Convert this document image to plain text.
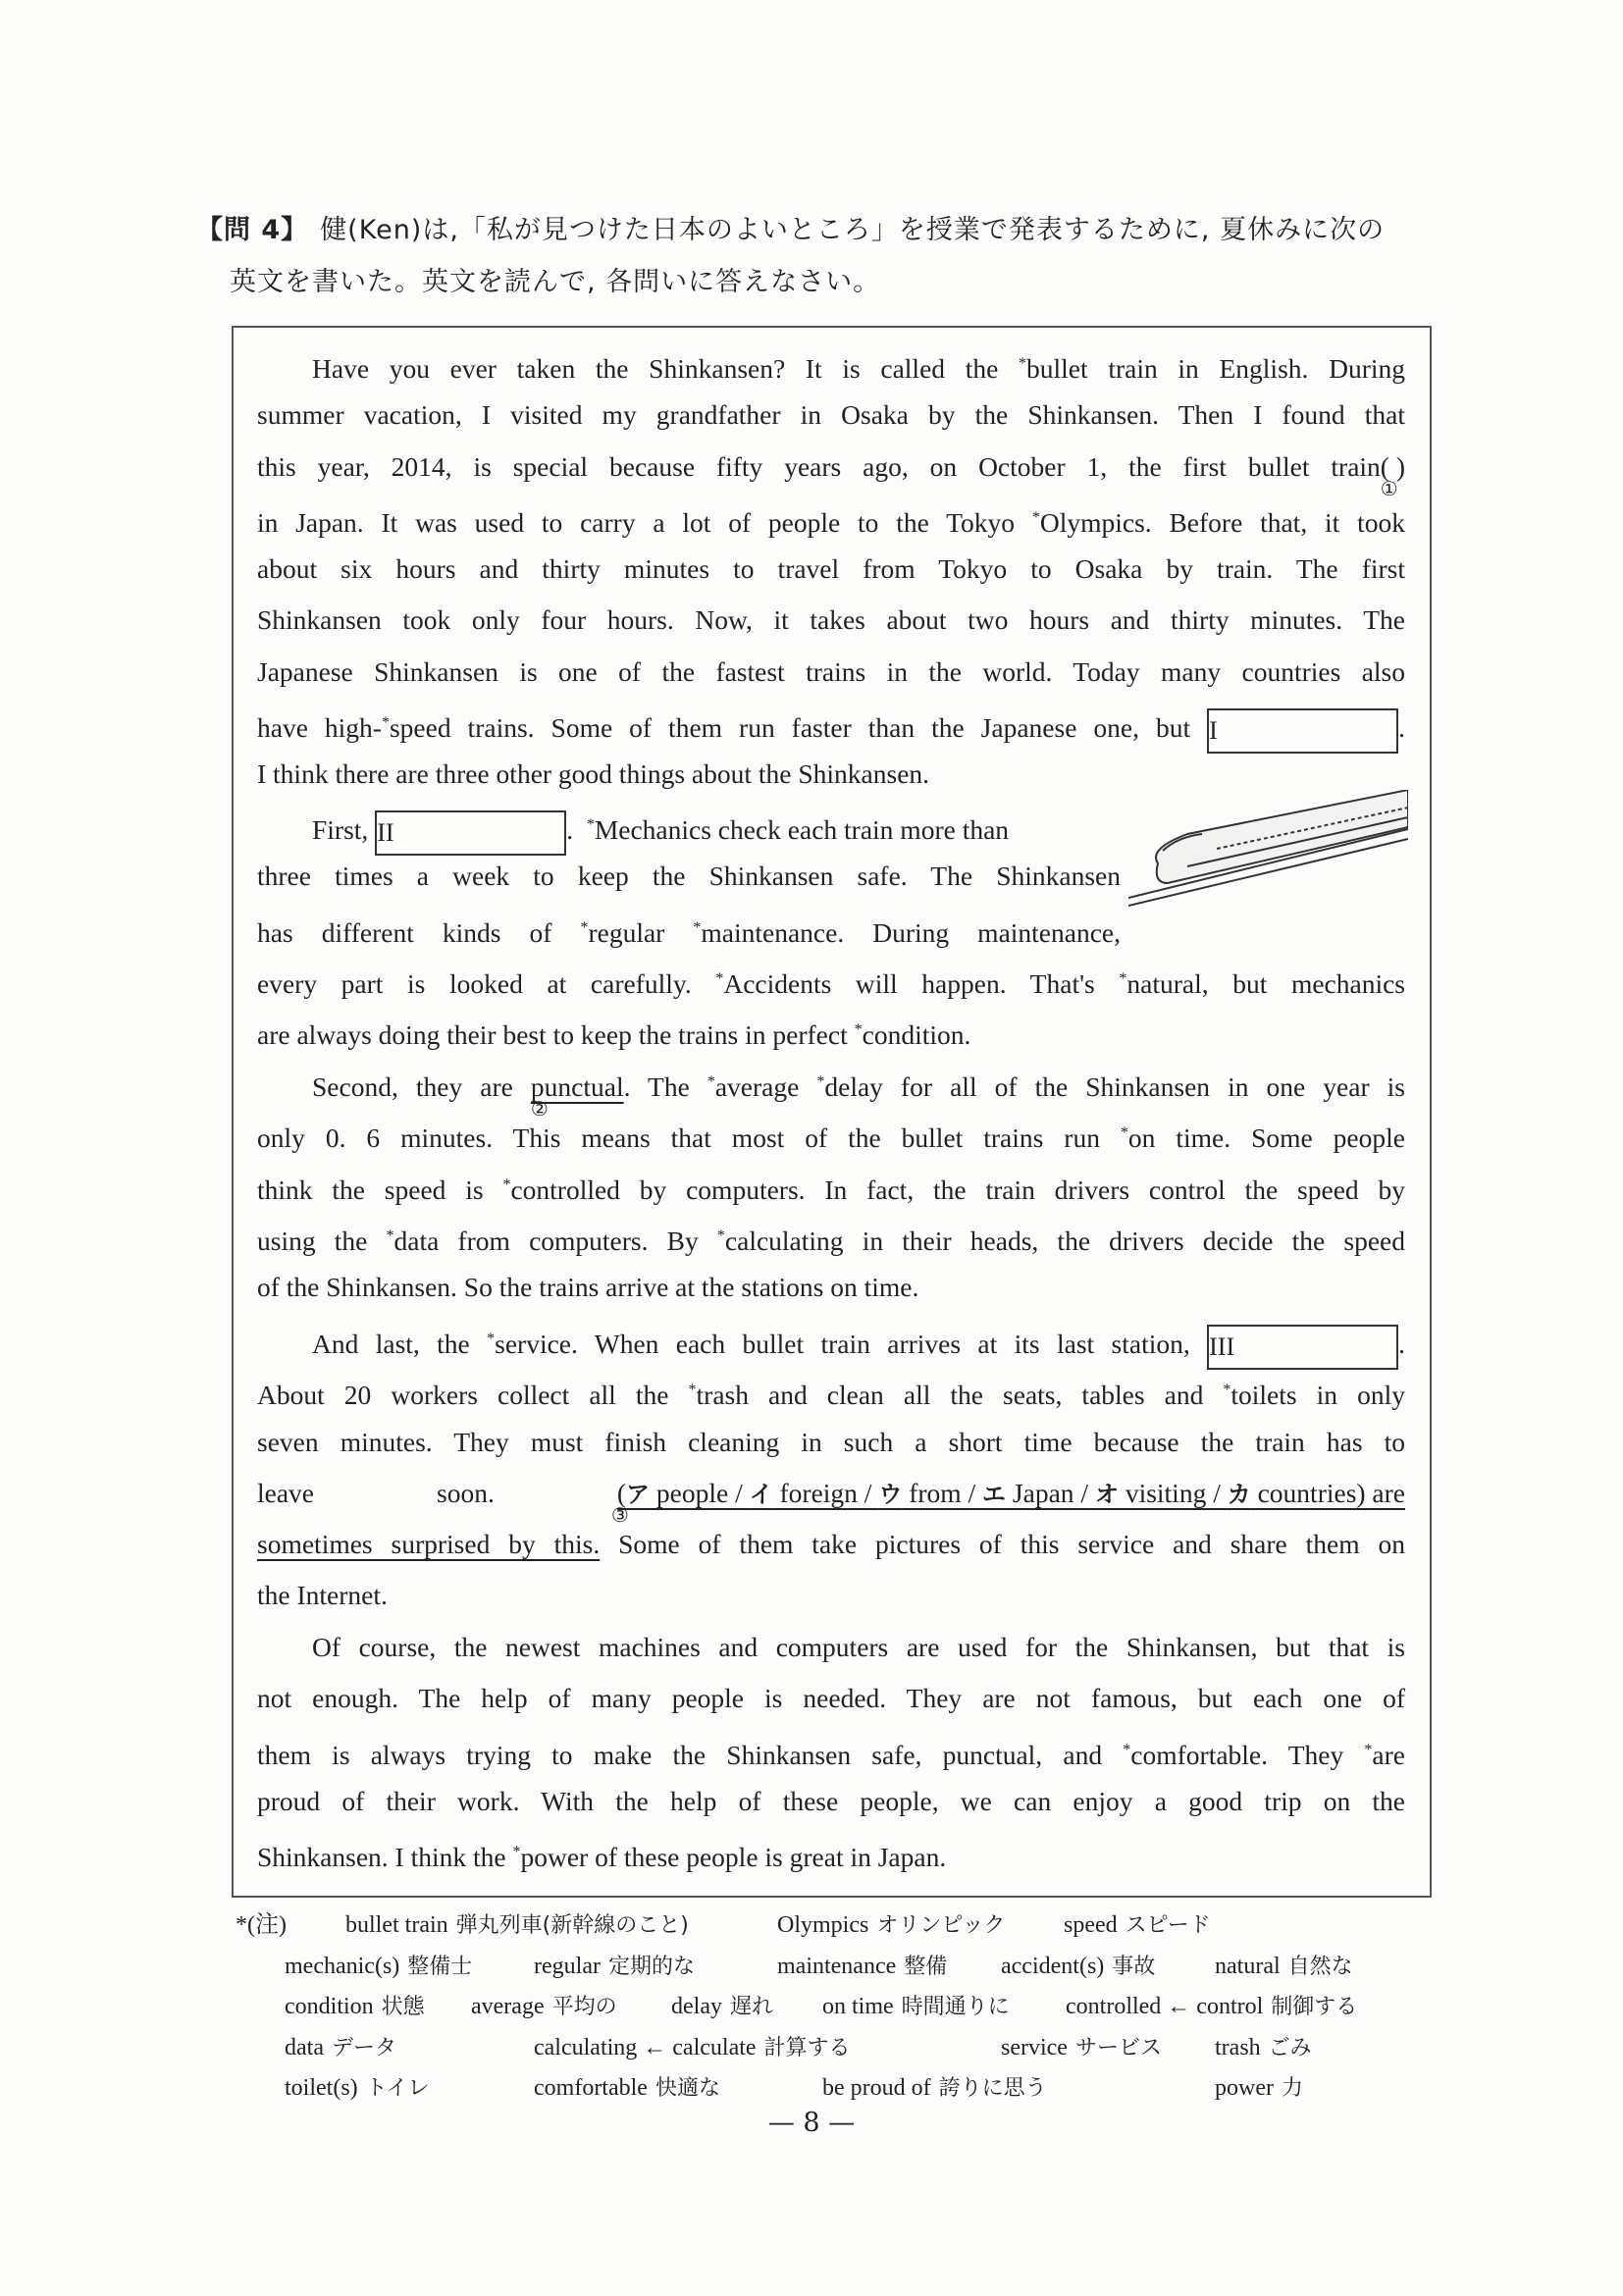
【問 4】 健(Ken)は,「私が見つけた日本のよいところ」を授業で発表するために, 夏休みに次の
英文を書いた。英文を読んで, 各問いに答えなさい。
Have you ever taken the Shinkansen? It is called the *bullet train in English. During
summer vacation, I visited my grandfather in Osaka by the Shinkansen. Then I found that
this year, 2014, is special because fifty years ago, on October 1, the first bullet train( )
①
in Japan. It was used to carry a lot of people to the Tokyo *Olympics. Before that, it took
about six hours and thirty minutes to travel from Tokyo to Osaka by train. The first
Shinkansen took only four hours. Now, it takes about two hours and thirty minutes. The
Japanese Shinkansen is one of the fastest trains in the world. Today many countries also
have high-*speed trains. Some of them run faster than the Japanese one, but I	.
I think there are three other good things about the Shinkansen.
First, II	. *Mechanics check each train more than
three times a week to keep the Shinkansen safe. The Shinkansen
has different kinds of *regular *maintenance. During maintenance,
every part is looked at carefully. *Accidents will happen. That's *natural, but mechanics
are always doing their best to keep the trains in perfect *condition.
Second, they are punctual
②
. The *average *delay for all of the Shinkansen in one year is
only 0. 6 minutes. This means that most of the bullet trains run *on time. Some people
think the speed is *controlled by computers. In fact, the train drivers control the speed by
using the *data from computers. By *calculating in their heads, the drivers decide the speed
of the Shinkansen. So the trains arrive at the stations on time.
And last, the *service. When each bullet train arrives at its last station, III	.
About 20 workers collect all the *trash and clean all the seats, tables and *toilets in only
seven minutes. They must finish cleaning in such a short time because the train has to
leave soon.	(ア people / イ foreign / ウ from / エ Japan / オ visiting / カ countries) are
③
sometimes surprised by this. Some of them take pictures of this service and share them on
the Internet.
Of course, the newest machines and computers are used for the Shinkansen, but that is
not enough. The help of many people is needed. They are not famous, but each one of
them is always trying to make the Shinkansen safe, punctual, and *comfortable. They *are
proud of their work. With the help of these people, we can enjoy a good trip on the
Shinkansen. I think the *power of these people is great in Japan.
*(注)	bullet train 弾丸列車(新幹線のこと)	Olympics オリンピック speed スピード
mechanic(s) 整備士	regular 定期的な	maintenance 整備 accident(s) 事故	natural 自然な
condition 状態 average 平均の delay 遅れ on time 時間通りに controlled ← control 制御する
data データ	calculating ← calculate 計算する	service サービス trash ごみ
toilet(s) トイレ	comfortable 快適な	be proud of 誇りに思う	power 力
— 8 —
